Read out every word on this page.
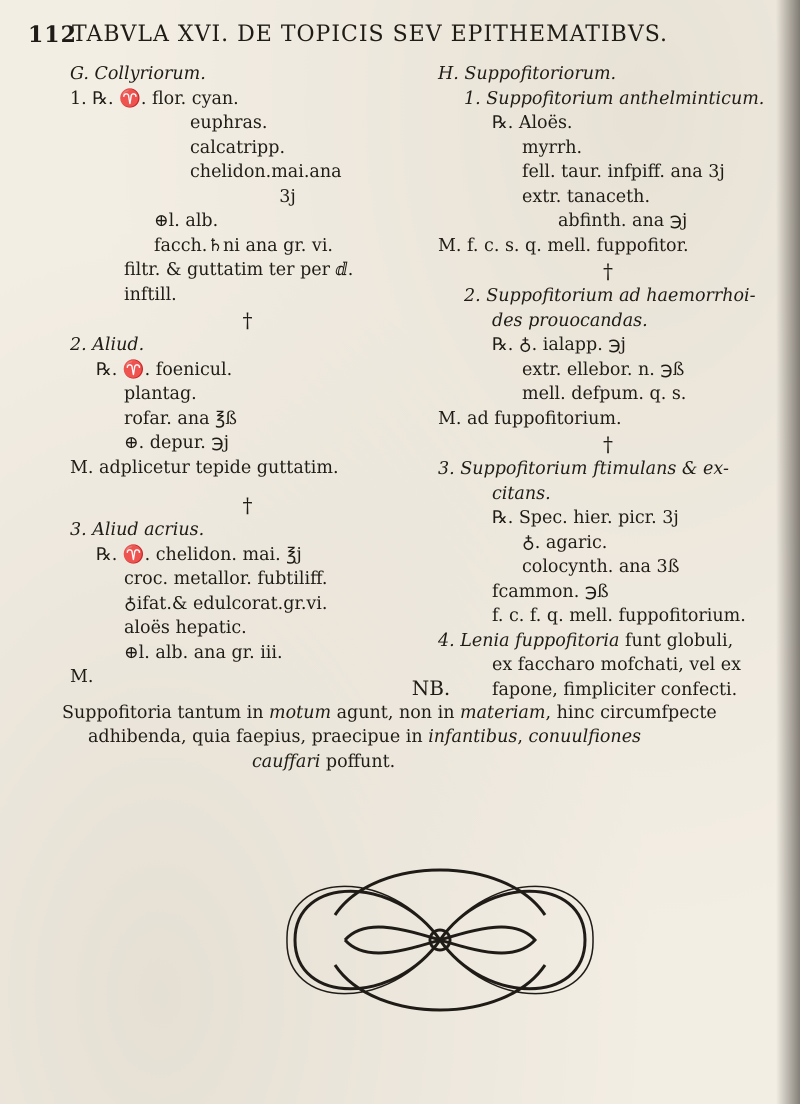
112
TABVLA XVI. DE TOPICIS SEV EPITHEMATIBVS.
G. Collyriorum.
1. ℞. ♈. flor. cyan.
euphras.
calcatripp.
chelidon.mai.ana
3j
⊕l. alb.
facch.♄ni ana gr. vi.
filtr. & guttatim ter per ⅆ.
inftill.
†
2. Aliud.
℞. ♈. foenicul.
plantag.
rofar. ana ℥ß
⊕. depur. ℈j
M. adplicetur tepide guttatim.
†
3. Aliud acrius.
℞. ♈. chelidon. mai. ℥j
croc. metallor. fubtiliff.
♁ifat.& edulcorat.gr.vi.
aloës hepatic.
⊕l. alb. ana gr. iii.
M.
H. Suppofitoriorum.
1. Suppofitorium anthelminticum.
℞. Aloës.
myrrh.
fell. taur. infpiff. ana 3j
extr. tanaceth.
abfinth. ana ℈j
M. f. c. s. q. mell. fuppofitor.
†
2. Suppofitorium ad haemorrhoi-
des prouocandas.
℞. ♁. ialapp. ℈j
extr. ellebor. n. ℈ß
mell. defpum. q. s.
M. ad fuppofitorium.
†
3. Suppofitorium ftimulans & ex-
citans.
℞. Spec. hier. picr. 3j
♁. agaric.
colocynth. ana 3ß
fcammon. ℈ß
f. c. f. q. mell. fuppofitorium.
4. Lenia fuppofitoria funt globuli,
ex faccharo mofchati, vel ex
fapone, fimpliciter confecti.
NB.
Suppofitoria tantum in motum agunt, non in materiam, hinc circumfpecte
adhibenda, quia faepius, praecipue in infantibus, conuulfiones
cauffari poffunt.
